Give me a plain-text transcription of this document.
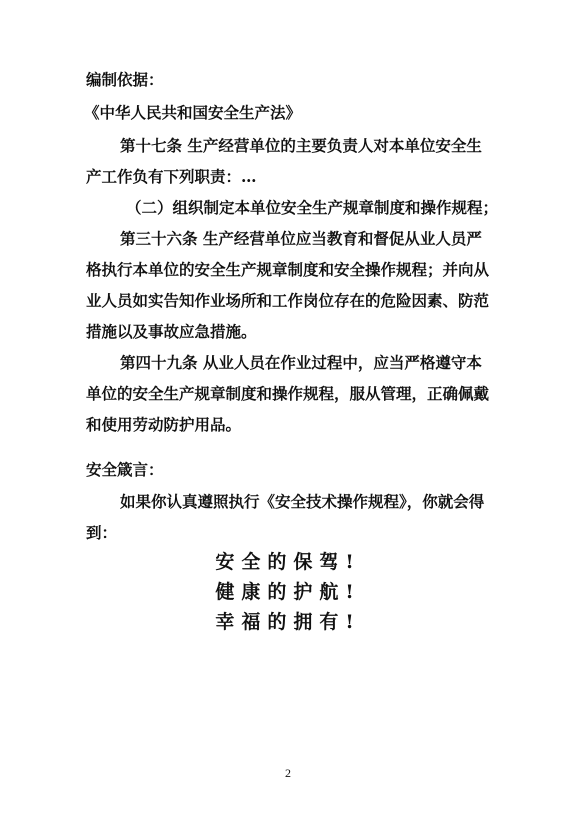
编制依据：
《中华人民共和国安全生产法》
第十七条 生产经营单位的主要负责人对本单位安全生
产工作负有下列职责：…
（二）组织制定本单位安全生产规章制度和操作规程；
第三十六条 生产经营单位应当教育和督促从业人员严
格执行本单位的安全生产规章制度和安全操作规程；并向从
业人员如实告知作业场所和工作岗位存在的危险因素、防范
措施以及事故应急措施。
第四十九条 从业人员在作业过程中，应当严格遵守本
单位的安全生产规章制度和操作规程，服从管理，正确佩戴
和使用劳动防护用品。
安全箴言：
如果你认真遵照执行《安全技术操作规程》，你就会得
到：
安全的保驾!
健康的护航!
幸福的拥有!
2
